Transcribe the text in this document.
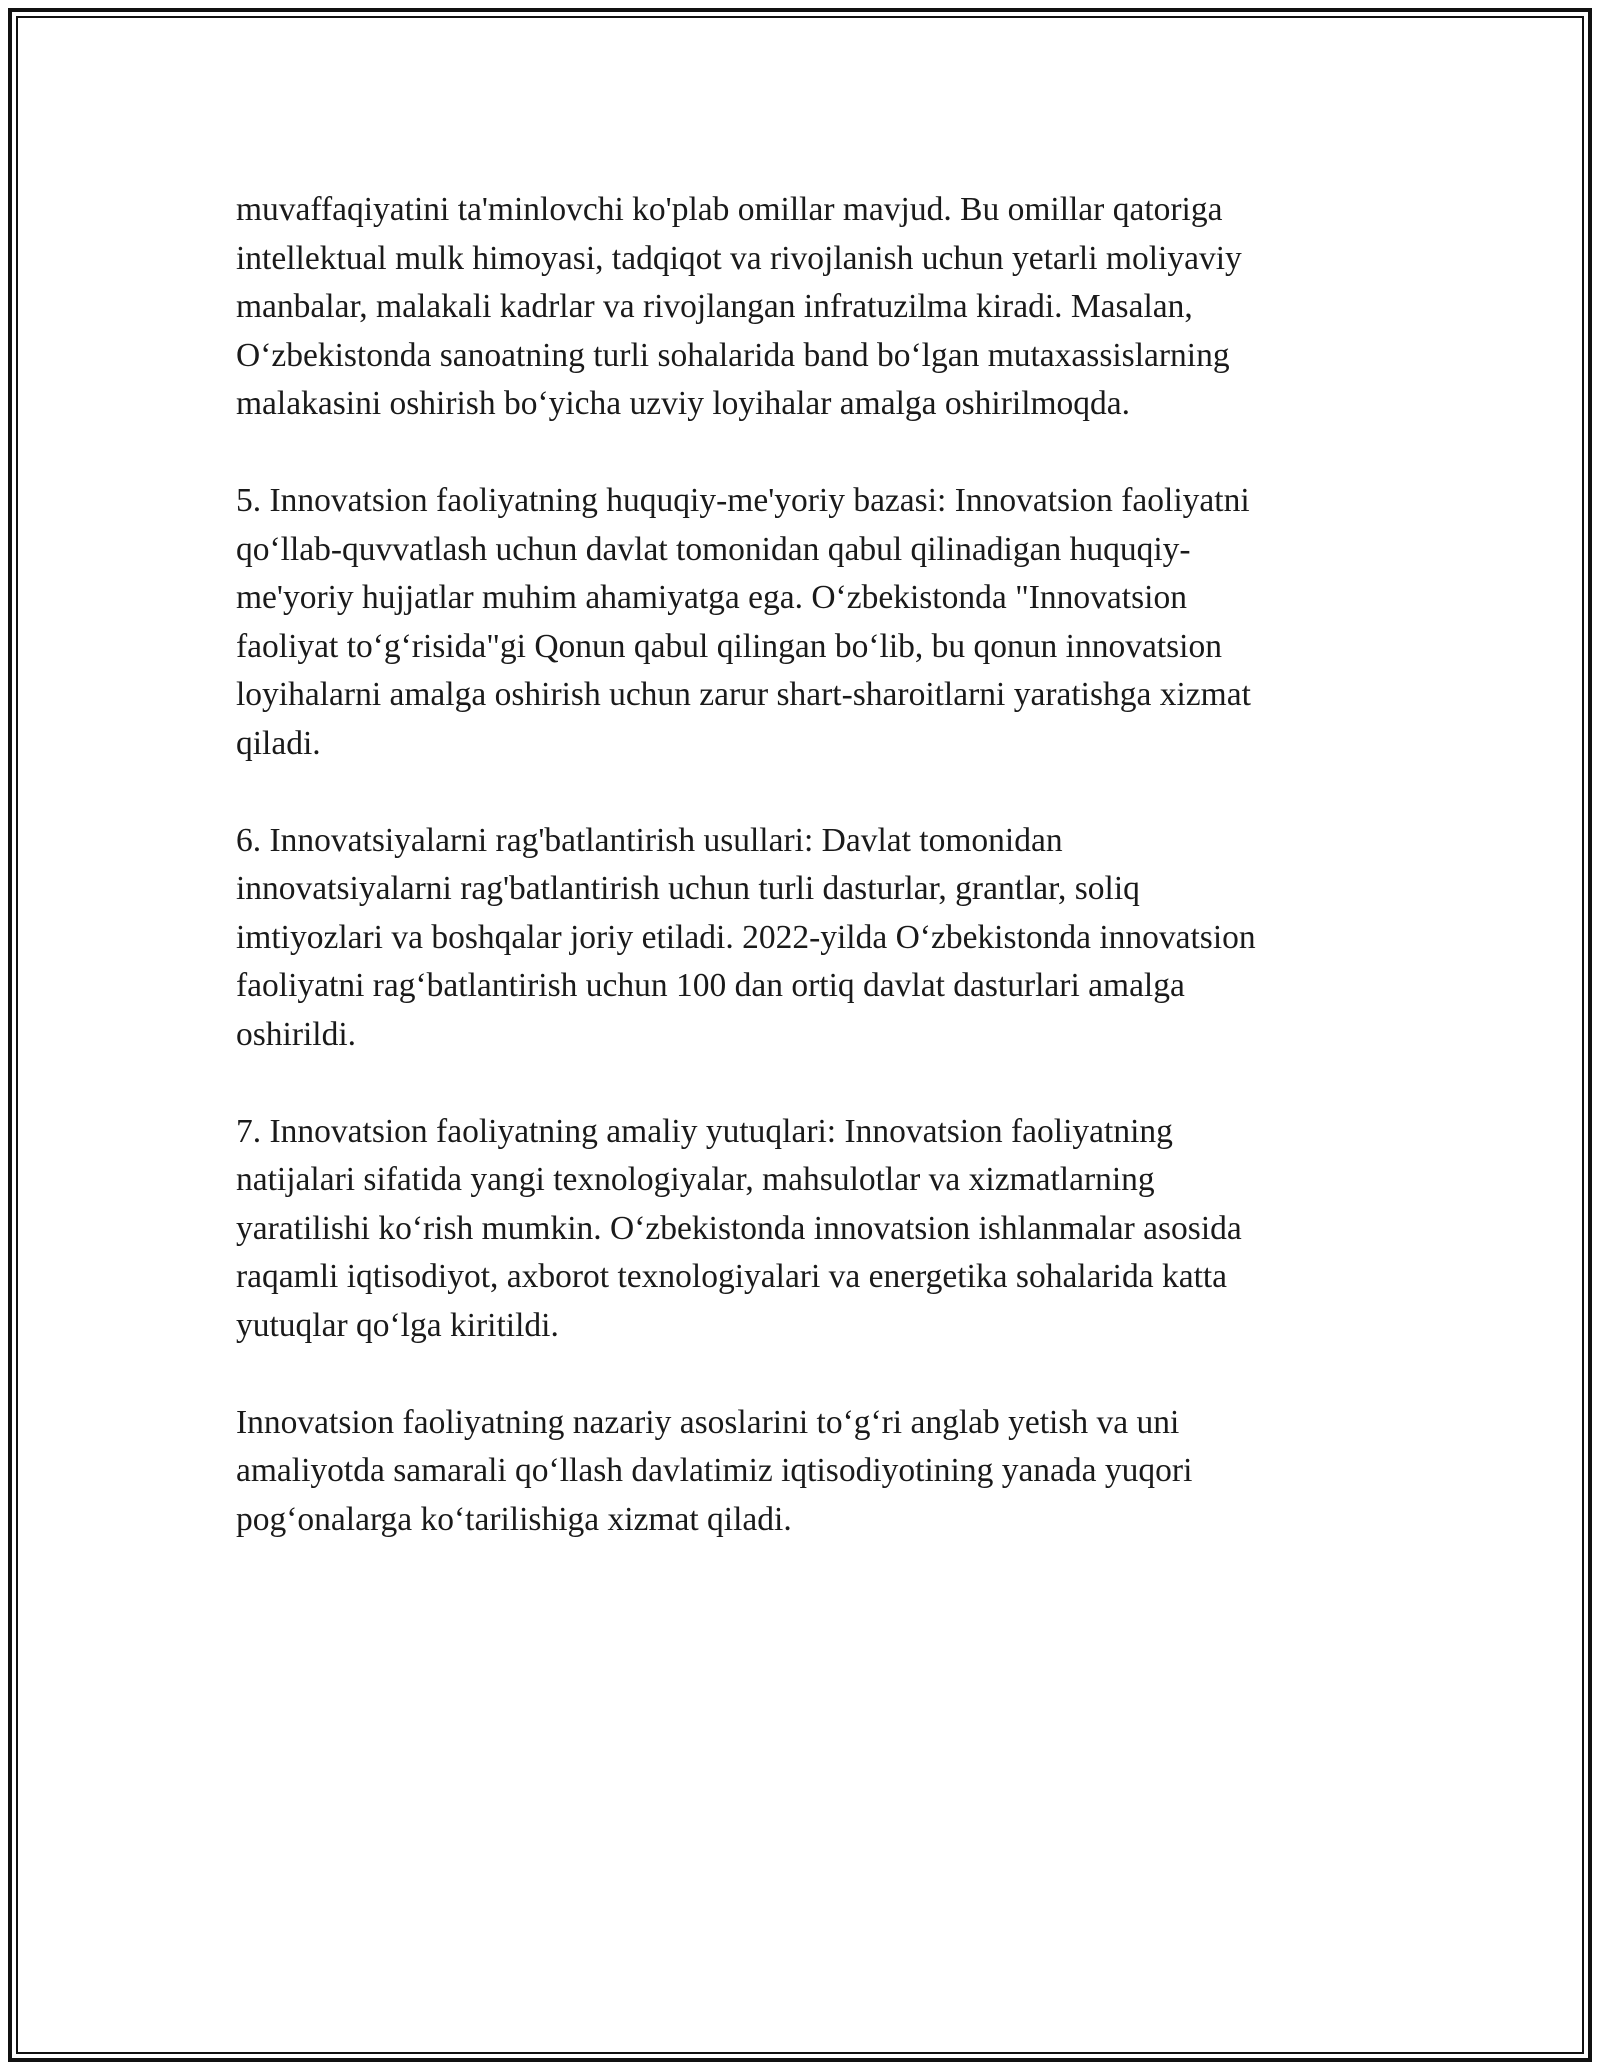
muvaffaqiyatini ta'minlovchi ko'plab omillar mavjud. Bu omillar qatoriga
intellektual mulk himoyasi, tadqiqot va rivojlanish uchun yetarli moliyaviy
manbalar, malakali kadrlar va rivojlangan infratuzilma kiradi. Masalan,
O‘zbekistonda sanoatning turli sohalarida band bo‘lgan mutaxassislarning
malakasini oshirish bo‘yicha uzviy loyihalar amalga oshirilmoqda.

5. Innovatsion faoliyatning huquqiy-me'yoriy bazasi: Innovatsion faoliyatni
qo‘llab-quvvatlash uchun davlat tomonidan qabul qilinadigan huquqiy-
me'yoriy hujjatlar muhim ahamiyatga ega. O‘zbekistonda "Innovatsion
faoliyat to‘g‘risida"gi Qonun qabul qilingan bo‘lib, bu qonun innovatsion
loyihalarni amalga oshirish uchun zarur shart-sharoitlarni yaratishga xizmat
qiladi.

6. Innovatsiyalarni rag'batlantirish usullari: Davlat tomonidan
innovatsiyalarni rag'batlantirish uchun turli dasturlar, grantlar, soliq
imtiyozlari va boshqalar joriy etiladi. 2022-yilda O‘zbekistonda innovatsion
faoliyatni rag‘batlantirish uchun 100 dan ortiq davlat dasturlari amalga
oshirildi.

7. Innovatsion faoliyatning amaliy yutuqlari: Innovatsion faoliyatning
natijalari sifatida yangi texnologiyalar, mahsulotlar va xizmatlarning
yaratilishi ko‘rish mumkin. O‘zbekistonda innovatsion ishlanmalar asosida
raqamli iqtisodiyot, axborot texnologiyalari va energetika sohalarida katta
yutuqlar qo‘lga kiritildi.

Innovatsion faoliyatning nazariy asoslarini to‘g‘ri anglab yetish va uni
amaliyotda samarali qo‘llash davlatimiz iqtisodiyotining yanada yuqori
pog‘onalarga ko‘tarilishiga xizmat qiladi.
